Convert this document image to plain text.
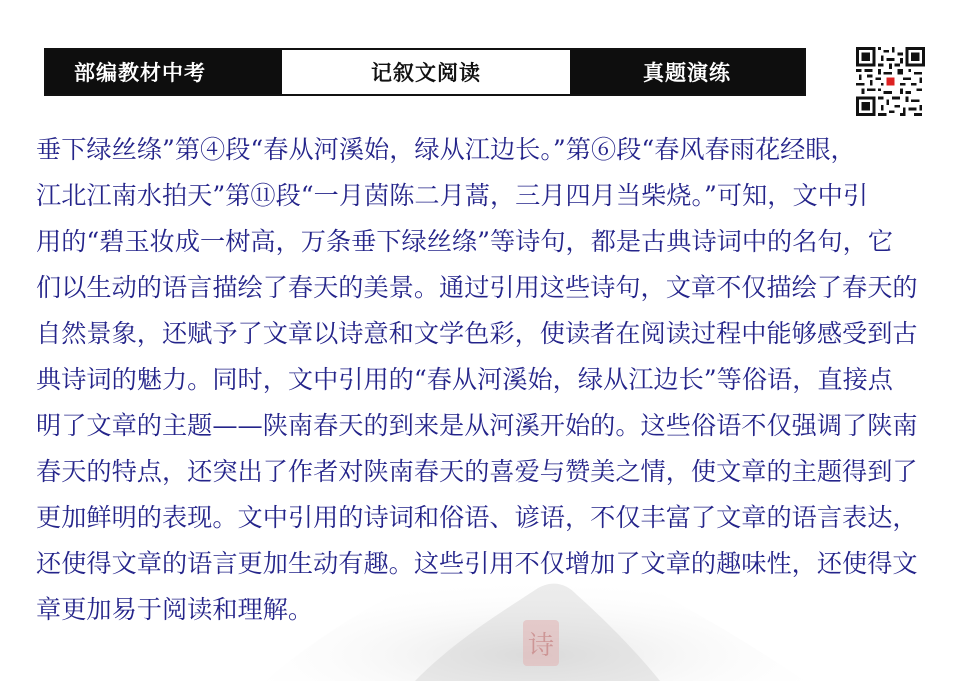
部编教材中考	记叙文阅读	真题演练
诗
垂下绿丝绦”第④段“春从河溪始，绿从江边长。”第⑥段“春风春雨花经眼，
江北江南水拍天”第⑪段“一月茵陈二月蒿，三月四月当柴烧。”可知，文中引
用的“碧玉妆成一树高，万条垂下绿丝绦”等诗句，都是古典诗词中的名句，它
们以生动的语言描绘了春天的美景。通过引用这些诗句，文章不仅描绘了春天的
自然景象，还赋予了文章以诗意和文学色彩，使读者在阅读过程中能够感受到古
典诗词的魅力。同时，文中引用的“春从河溪始，绿从江边长”等俗语，直接点
明了文章的主题——陕南春天的到来是从河溪开始的。这些俗语不仅强调了陕南
春天的特点，还突出了作者对陕南春天的喜爱与赞美之情，使文章的主题得到了
更加鲜明的表现。文中引用的诗词和俗语、谚语，不仅丰富了文章的语言表达，
还使得文章的语言更加生动有趣。这些引用不仅增加了文章的趣味性，还使得文
章更加易于阅读和理解。
